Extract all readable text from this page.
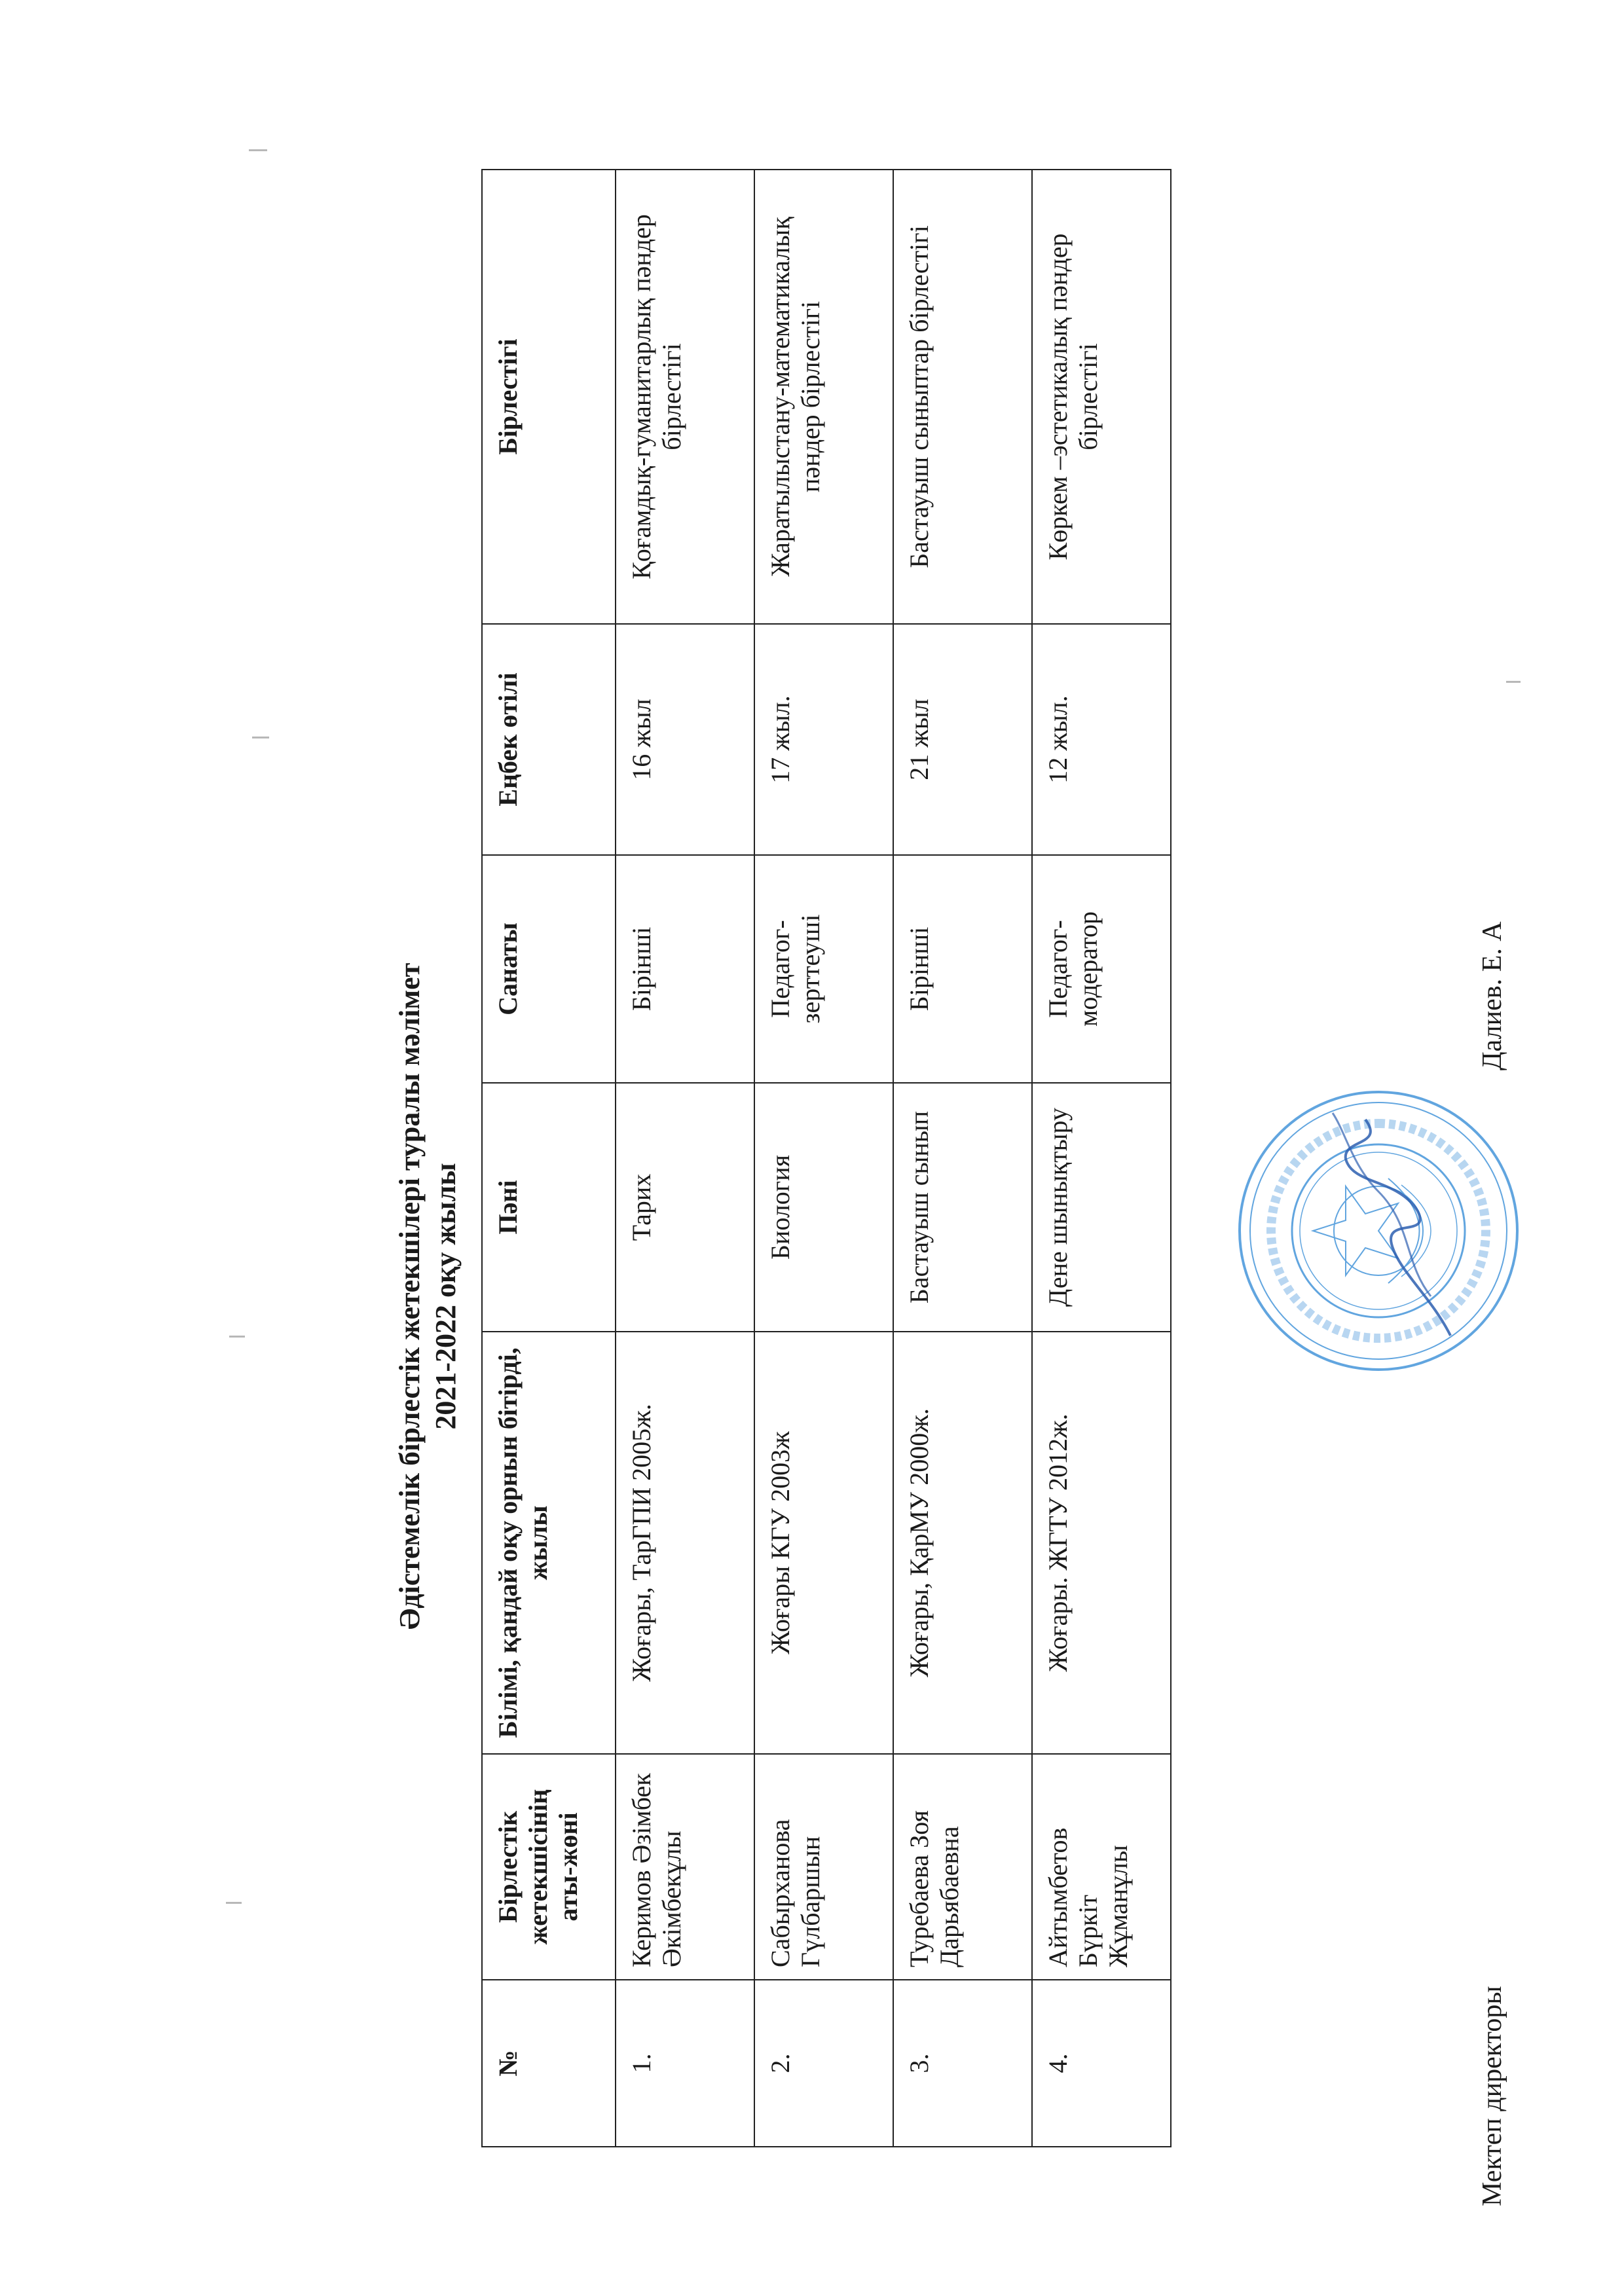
Әдістемелік бірлестік жетекшілері туралы мәлімет 2021-2022 оқу жылы
№	Бірлестік жетекшісінің аты-жөні	Білімі, қандай оқу орнын бітірді, жылы	Пәні	Санаты	Еңбек өтілі	Бірлестігі
1.	Керимов Әзімбек Әкімбекұлы	Жоғары, ТарГПИ 2005ж.	Тарих	Бірінші	16 жыл	Қоғамдық-гуманитарлық пәндер бірлестігі
2.	Сабырханова Гүлбаршын	Жоғары КГУ 2003ж	Биология	Педагог-зерттеуші	17 жыл.	Жаратылыстану-математикалық пәндер бірлестігі
3.	Туребаева Зоя Дарьябаевна	Жоғары, ҚарМУ 2000ж.	Бастауыш сынып	Бірінші	21 жыл	Бастауыш сыныптар бірлестігі
4.	Айтымбетов Бүркіт Жұманұлы	Жоғары. ЖГТУ 2012ж.	Дене шынықтыру	Педагог-модератор	12 жыл.	Көркем –эстетикалық пәндер бірлестігі
Мектеп директоры
Далиев. Е. А
